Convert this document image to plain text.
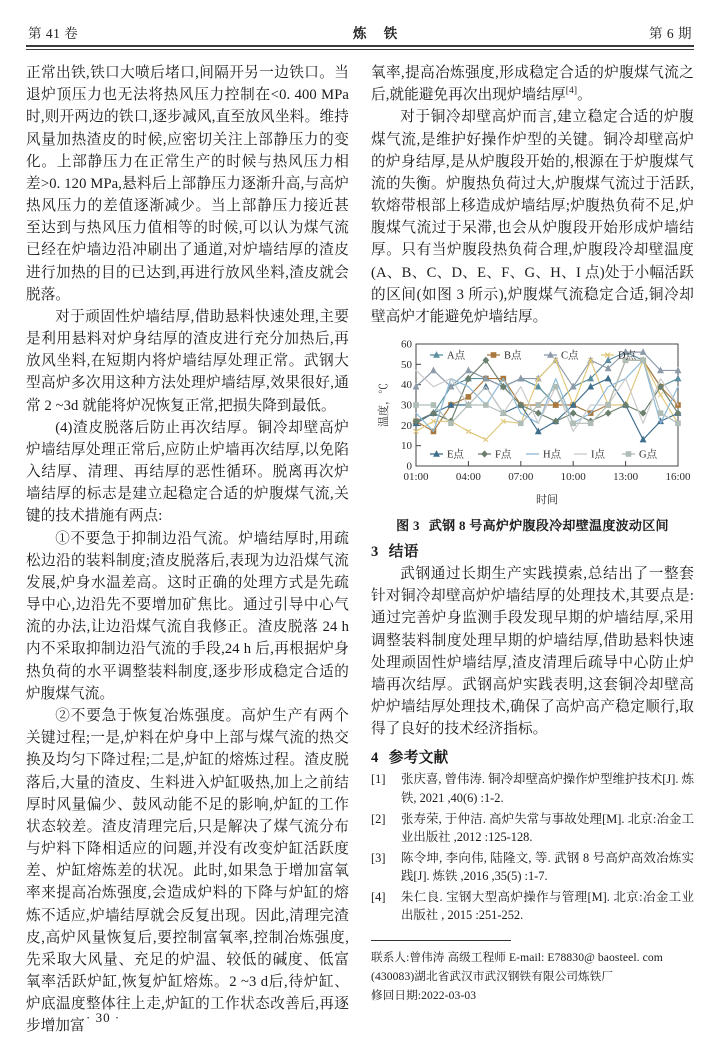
第 41 卷	炼 铁	第 6 期

正常出铁,铁口大喷后堵口,间隔开另一边铁口。当退炉顶压力也无法将热风压力控制在<0. 400 MPa时,则开两边的铁口,逐步减风,直至放风坐料。维持风量加热渣皮的时候,应密切关注上部静压力的变化。上部静压力在正常生产的时候与热风压力相差>0. 120 MPa,悬料后上部静压力逐渐升高,与高炉热风压力的差值逐渐减少。当上部静压力接近甚至达到与热风压力值相等的时候,可以认为煤气流已经在炉墙边沿冲刷出了通道,对炉墙结厚的渣皮进行加热的目的已达到,再进行放风坐料,渣皮就会脱落。

对于顽固性炉墙结厚,借助悬料快速处理,主要是利用悬料对炉身结厚的渣皮进行充分加热后,再放风坐料,在短期内将炉墙结厚处理正常。武钢大型高炉多次用这种方法处理炉墙结厚,效果很好,通常 2 ~3d 就能将炉况恢复正常,把损失降到最低。

(4)渣皮脱落后防止再次结厚。铜冷却壁高炉炉墙结厚处理正常后,应防止炉墙再次结厚,以免陷入结厚、清理、再结厚的恶性循环。脱离再次炉墙结厚的标志是建立起稳定合适的炉腹煤气流,关键的技术措施有两点:

①不要急于抑制边沿气流。炉墙结厚时,用疏松边沿的装料制度;渣皮脱落后,表现为边沿煤气流发展,炉身水温差高。这时正确的处理方式是先疏导中心,边沿先不要增加矿焦比。通过引导中心气流的办法,让边沿煤气流自我修正。渣皮脱落 24 h 内不采取抑制边沿气流的手段,24 h 后,再根据炉身热负荷的水平调整装料制度,逐步形成稳定合适的炉腹煤气流。

②不要急于恢复冶炼强度。高炉生产有两个关键过程;一是,炉料在炉身中上部与煤气流的热交换及均匀下降过程;二是,炉缸的熔炼过程。渣皮脱落后,大量的渣皮、生料进入炉缸吸热,加上之前结厚时风量偏少、鼓风动能不足的影响,炉缸的工作状态较差。渣皮清理完后,只是解决了煤气流分布与炉料下降相适应的问题,并没有改变炉缸活跃度差、炉缸熔炼差的状况。此时,如果急于增加富氧率来提高冶炼强度,会造成炉料的下降与炉缸的熔炼不适应,炉墙结厚就会反复出现。因此,清理完渣皮,高炉风量恢复后,要控制富氧率,控制冶炼强度,先采取大风量、充足的炉温、较低的碱度、低富氧率活跃炉缸,恢复炉缸熔炼。2 ~3 d后,待炉缸、炉底温度整体往上走,炉缸的工作状态改善后,再逐步增加富

· 30 ·

氧率,提高冶炼强度,形成稳定合适的炉腹煤气流之后,就能避免再次出现炉墙结厚[4]。

对于铜冷却壁高炉而言,建立稳定合适的炉腹煤气流,是维护好操作炉型的关键。铜冷却壁高炉的炉身结厚,是从炉腹段开始的,根源在于炉腹煤气流的失衡。炉腹热负荷过大,炉腹煤气流过于活跃,软熔带根部上移造成炉墙结厚;炉腹热负荷不足,炉腹煤气流过于呆滞,也会从炉腹段开始形成炉墙结厚。只有当炉腹段热负荷合理,炉腹段冷却壁温度(A、B、C、D、E、F、G、H、I 点)处于小幅活跃的区间(如图 3 所示),炉腹煤气流稳定合适,铜冷却壁高炉才能避免炉墙结厚。

0
10
20
30
40
50
60
01:00 04:00 07:00 10:00 13:00 16:00
A点	B点	C点	D点
E点	F点	H点	I点	G点
温度，℃
时间
图 3 武钢 8 号高炉炉腹段冷却壁温度波动区间
3 结语

武钢通过长期生产实践摸索,总结出了一整套针对铜冷却壁高炉炉墙结厚的处理技术,其要点是:通过完善炉身监测手段发现早期的炉墙结厚,采用调整装料制度处理早期的炉墙结厚,借助悬料快速处理顽固性炉墙结厚,渣皮清理后疏导中心防止炉墙再次结厚。武钢高炉实践表明,这套铜冷却壁高炉炉墙结厚处理技术,确保了高炉高产稳定顺行,取得了良好的技术经济指标。

4 参考文献
[1]	张庆喜, 曾伟涛. 铜冷却壁高炉操作炉型维护技术[J]. 炼铁, 2021 ,40(6) :1-2.
[2]	张寿荣, 于仲洁. 高炉失常与事故处理[M]. 北京:冶金工业出版社 ,2012 :125-128.
[3]	陈令坤, 李向伟, 陆隆文, 等. 武钢 8 号高炉高效冶炼实践[J]. 炼铁 ,2016 ,35(5) :1-7.
[4]	朱仁良. 宝钢大型高炉操作与管理[M]. 北京:冶金工业出版社 , 2015 :251-252.
联系人:曾伟涛 高级工程师 E-mail: E78830@ baosteel. com
(430083)湖北省武汉市武汉钢铁有限公司炼铁厂
修回日期:2022-03-03
